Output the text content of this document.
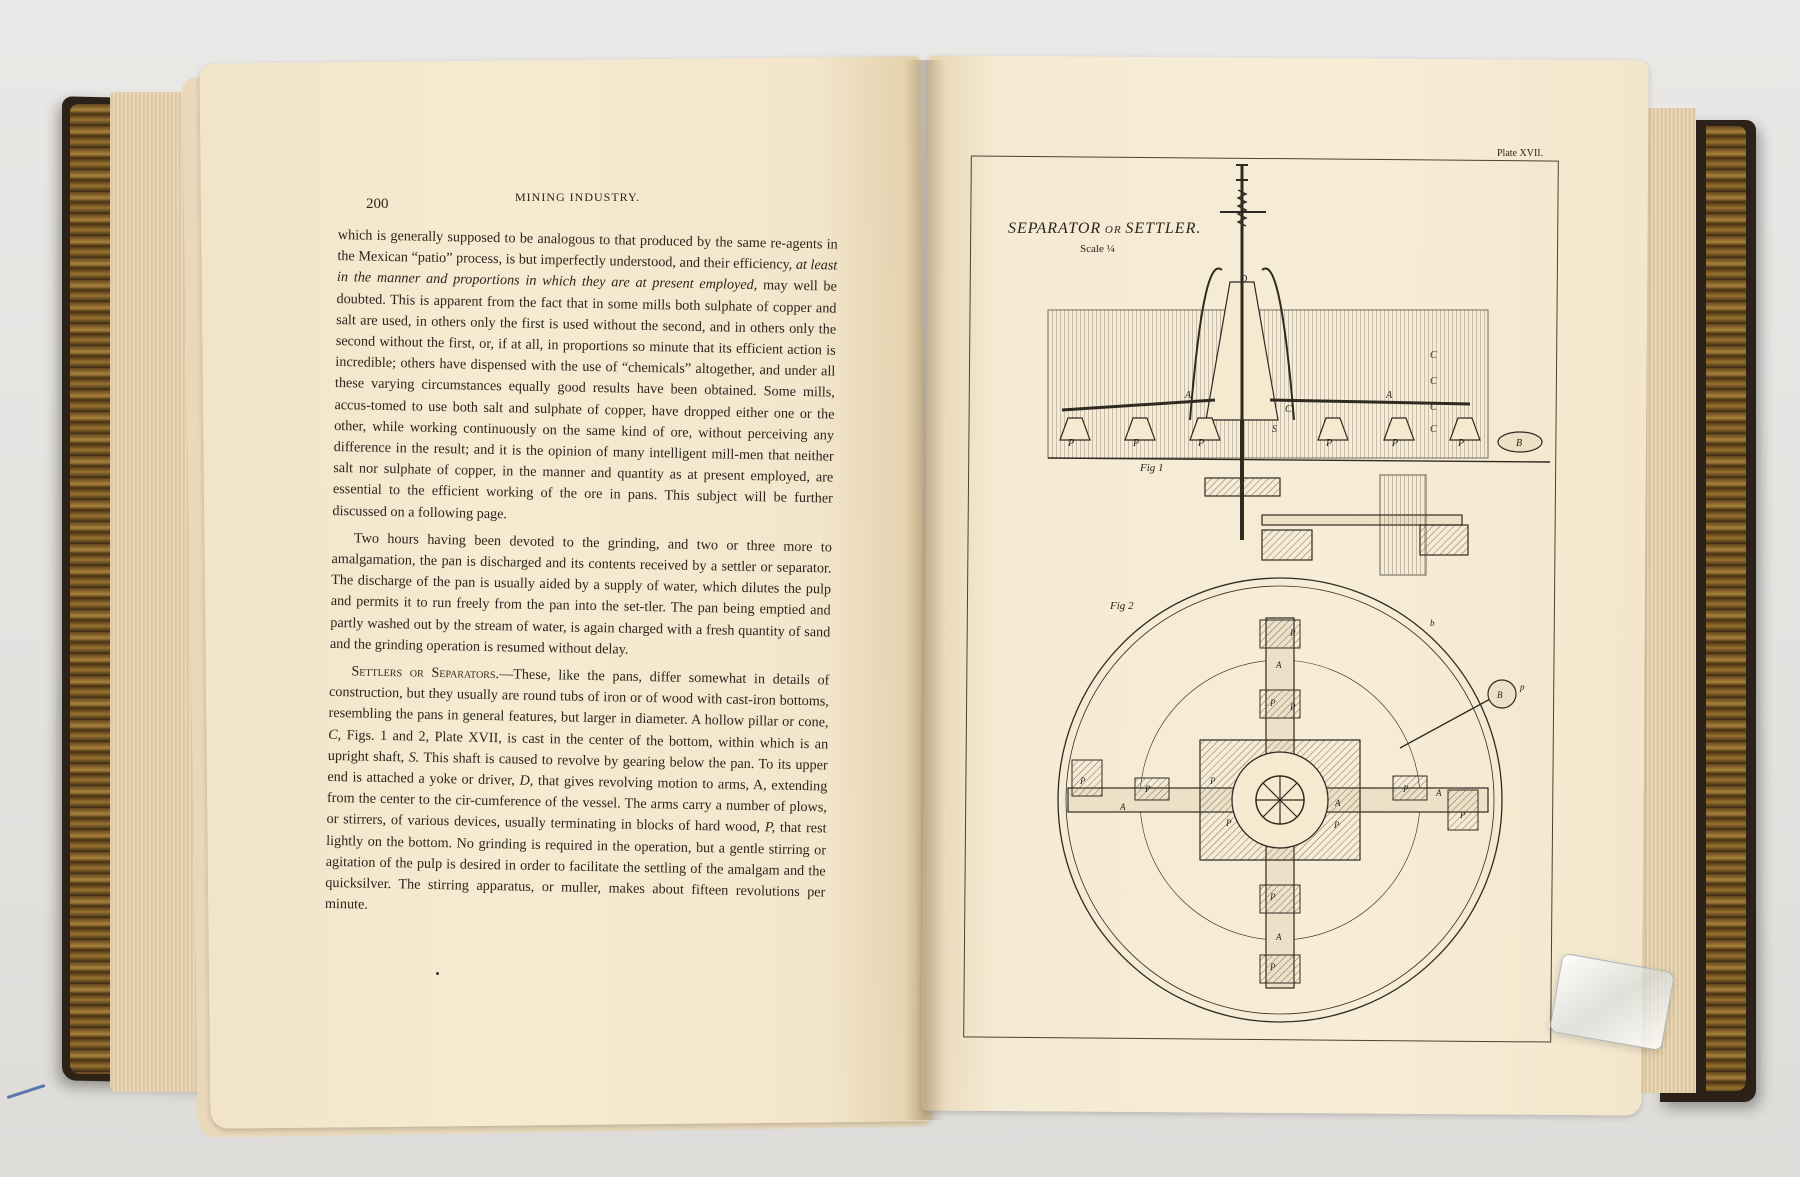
200	MINING INDUSTRY.

which is generally supposed to be analogous to that produced by the same re-agents in the Mexican “patio” process, is but imperfectly understood, and their efficiency, at least in the manner and proportions in which they are at present employed, may well be doubted. This is apparent from the fact that in some mills both sulphate of copper and salt are used, in others only the first is used without the second, and in others only the second without the first, or, if at all, in proportions so minute that its efficient action is incredible; others have dispensed with the use of “chemicals” altogether, and under all these varying circumstances equally good results have been obtained. Some mills, accus-tomed to use both salt and sulphate of copper, have dropped either one or the other, while working continuously on the same kind of ore, without perceiving any difference in the result; and it is the opinion of many intelligent mill-men that neither salt nor sulphate of copper, in the manner and quantity as at present employed, are essential to the efficient working of the ore in pans. This subject will be further discussed on a following page.

Two hours having been devoted to the grinding, and two or three more to amalgamation, the pan is discharged and its contents received by a settler or separator. The discharge of the pan is usually aided by a supply of water, which dilutes the pulp and permits it to run freely from the pan into the set-tler. The pan being emptied and partly washed out by the stream of water, is again charged with a fresh quantity of sand and the grinding operation is resumed without delay.

Settlers or Separators.—These, like the pans, differ somewhat in details of construction, but they usually are round tubs of iron or of wood with cast-iron bottoms, resembling the pans in general features, but larger in diameter. A hollow pillar or cone, C, Figs. 1 and 2, Plate XVII, is cast in the center of the bottom, within which is an upright shaft, S. This shaft is caused to revolve by gearing below the pan. To its upper end is attached a yoke or driver, D, that gives revolving motion to arms, A, extending from the center to the cir-cumference of the vessel. The arms carry a number of plows, or stirrers, of various devices, usually terminating in blocks of hard wood, P, that rest lightly on the bottom. No grinding is required in the operation, but a gentle stirring or agitation of the pulp is desired in order to facilitate the settling of the amalgam and the quicksilver. The stirring apparatus, or muller, makes about fifteen revolutions per minute.

Plate XVII.
SEPARATOR OR SETTLER.
Scale ¼
Fig 1
Fig 2
D
A	A
C
S
P	P	P	P	P	P	B
C
C
C
C
P
A
P P
P
P
A
P
A
P
P
A
P
P
A
P
P
B
b
p
